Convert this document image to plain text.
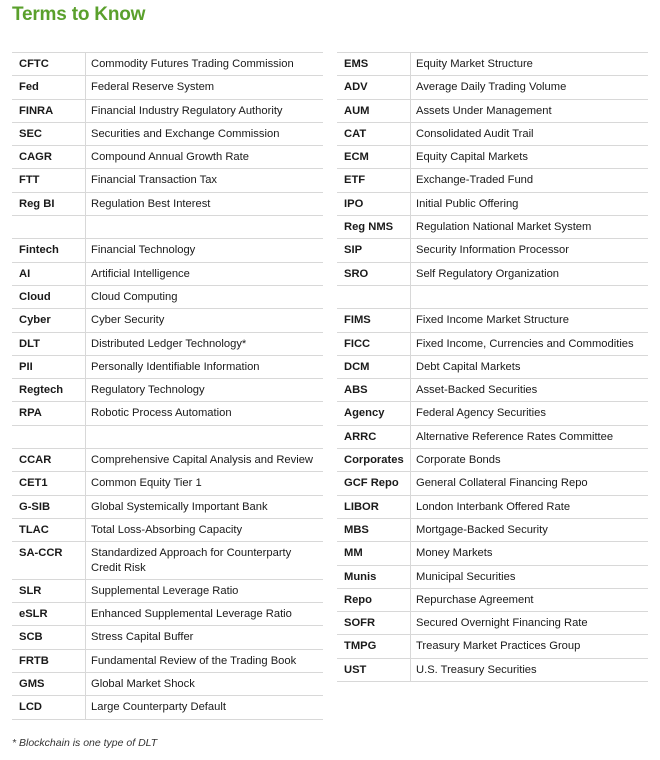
Terms to Know
CFTC	Commodity Futures Trading Commission
Fed	Federal Reserve System
FINRA	Financial Industry Regulatory Authority
SEC	Securities and Exchange Commission
CAGR	Compound Annual Growth Rate
FTT	Financial Transaction Tax
Reg BI	Regulation Best Interest

Fintech	Financial Technology
AI	Artificial Intelligence
Cloud	Cloud Computing
Cyber	Cyber Security
DLT	Distributed Ledger Technology*
PII	Personally Identifiable Information
Regtech	Regulatory Technology
RPA	Robotic Process Automation

CCAR	Comprehensive Capital Analysis and Review
CET1	Common Equity Tier 1
G-SIB	Global Systemically Important Bank
TLAC	Total Loss-Absorbing Capacity
SA-CCR	Standardized Approach for Counterparty Credit Risk
SLR	Supplemental Leverage Ratio
eSLR	Enhanced Supplemental Leverage Ratio
SCB	Stress Capital Buffer
FRTB	Fundamental Review of the Trading Book
GMS	Global Market Shock
LCD	Large Counterparty Default
EMS	Equity Market Structure
ADV	Average Daily Trading Volume
AUM	Assets Under Management
CAT	Consolidated Audit Trail
ECM	Equity Capital Markets
ETF	Exchange-Traded Fund
IPO	Initial Public Offering
Reg NMS	Regulation National Market System
SIP	Security Information Processor
SRO	Self Regulatory Organization

FIMS	Fixed Income Market Structure
FICC	Fixed Income, Currencies and Commodities
DCM	Debt Capital Markets
ABS	Asset-Backed Securities
Agency	Federal Agency Securities
ARRC	Alternative Reference Rates Committee
Corporates	Corporate Bonds
GCF Repo	General Collateral Financing Repo
LIBOR	London Interbank Offered Rate
MBS	Mortgage-Backed Security
MM	Money Markets
Munis	Municipal Securities
Repo	Repurchase Agreement
SOFR	Secured Overnight Financing Rate
TMPG	Treasury Market Practices Group
UST	U.S. Treasury Securities
* Blockchain is one type of DLT
